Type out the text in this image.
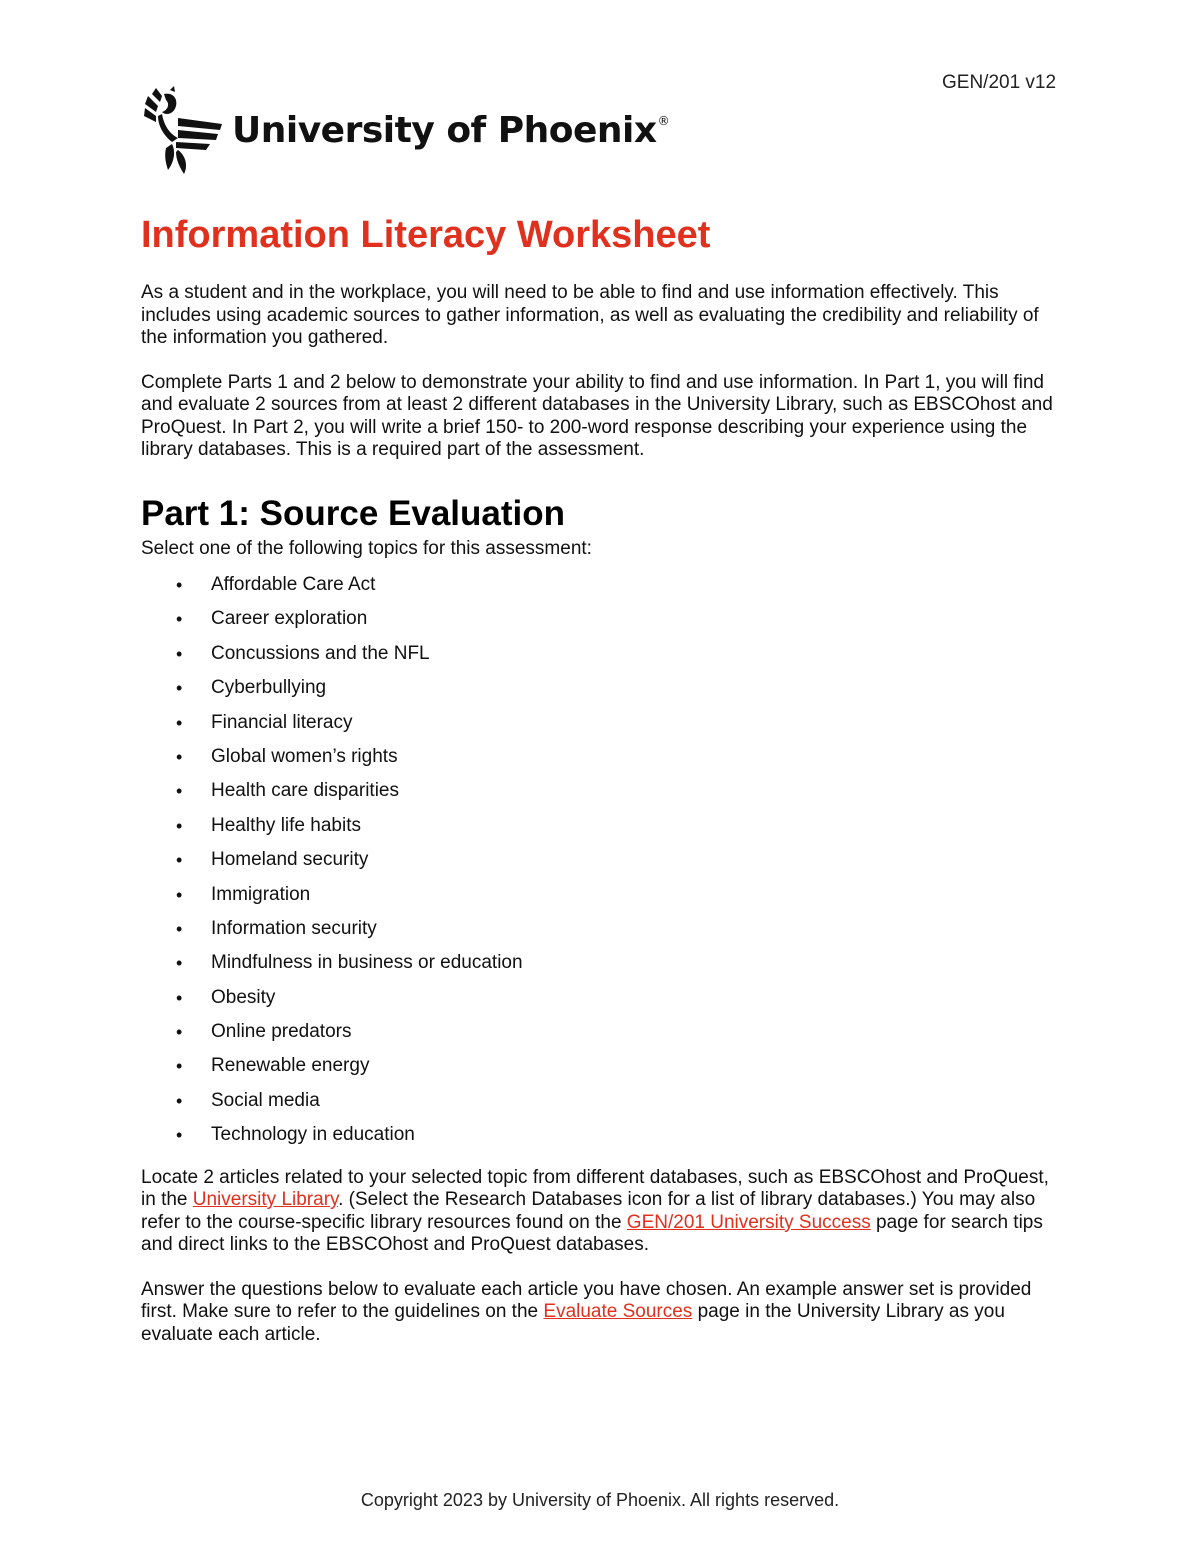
GEN/201 v12
University of Phoenix®
Information Literacy Worksheet

As a student and in the workplace, you will need to be able to find and use information effectively. This includes using academic sources to gather information, as well as evaluating the credibility and reliability of the information you gathered.

Complete Parts 1 and 2 below to demonstrate your ability to find and use information. In Part 1, you will find and evaluate 2 sources from at least 2 different databases in the University Library, such as EBSCOhost and ProQuest. In Part 2, you will write a brief 150- to 200-word response describing your experience using the library databases. This is a required part of the assessment.

Part 1: Source Evaluation

Select one of the following topics for this assessment:

• Affordable Care Act
• Career exploration
• Concussions and the NFL
• Cyberbullying
• Financial literacy
• Global women’s rights
• Health care disparities
• Healthy life habits
• Homeland security
• Immigration
• Information security
• Mindfulness in business or education
• Obesity
• Online predators
• Renewable energy
• Social media
• Technology in education

Locate 2 articles related to your selected topic from different databases, such as EBSCOhost and ProQuest, in the University Library. (Select the Research Databases icon for a list of library databases.) You may also refer to the course-specific library resources found on the GEN/201 University Success page for search tips and direct links to the EBSCOhost and ProQuest databases.

Answer the questions below to evaluate each article you have chosen. An example answer set is provided first. Make sure to refer to the guidelines on the Evaluate Sources page in the University Library as you evaluate each article.

Copyright 2023 by University of Phoenix. All rights reserved.
